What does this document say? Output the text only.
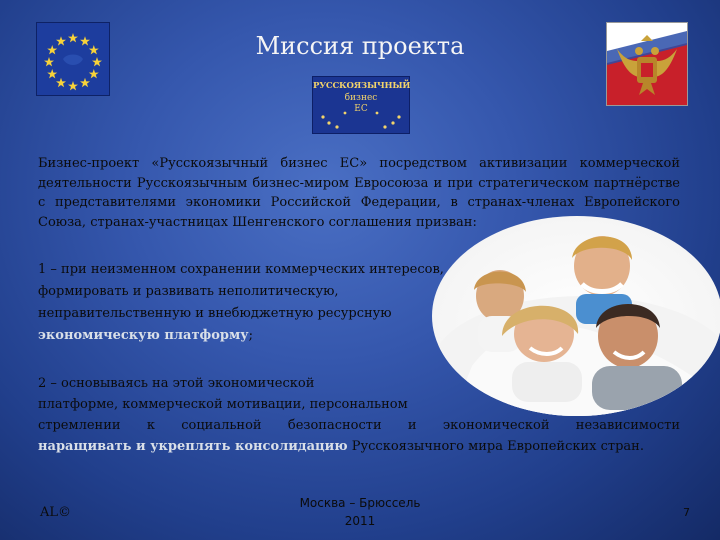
Миссия проекта
РУССКОЯЗЫЧНЫЙ
бизнес
ЕС
Бизнес-проект «Русскоязычный бизнес ЕС» посредством активизации коммерческой деятельности Русскоязычным бизнес-миром Евросоюза и при стратегическом партнёрстве с представителями экономики Российской Федерации, в странах-членах Европейского Союза, странах-участницах Шенгенского соглашения призван:
1 – при неизменном сохранении коммерческих интересов, формировать и развивать неполитическую, неправительственную и внебюджетную ресурсную экономическую платформу;
2 – основываясь на этой экономической
платформе, коммерческой мотивации, персональном
стремлении к социальной безопасности и экономической независимости
наращивать и укреплять консолидацию Русскоязычного мира Европейских стран.
AL©
Москва – Брюссель
2011
7
